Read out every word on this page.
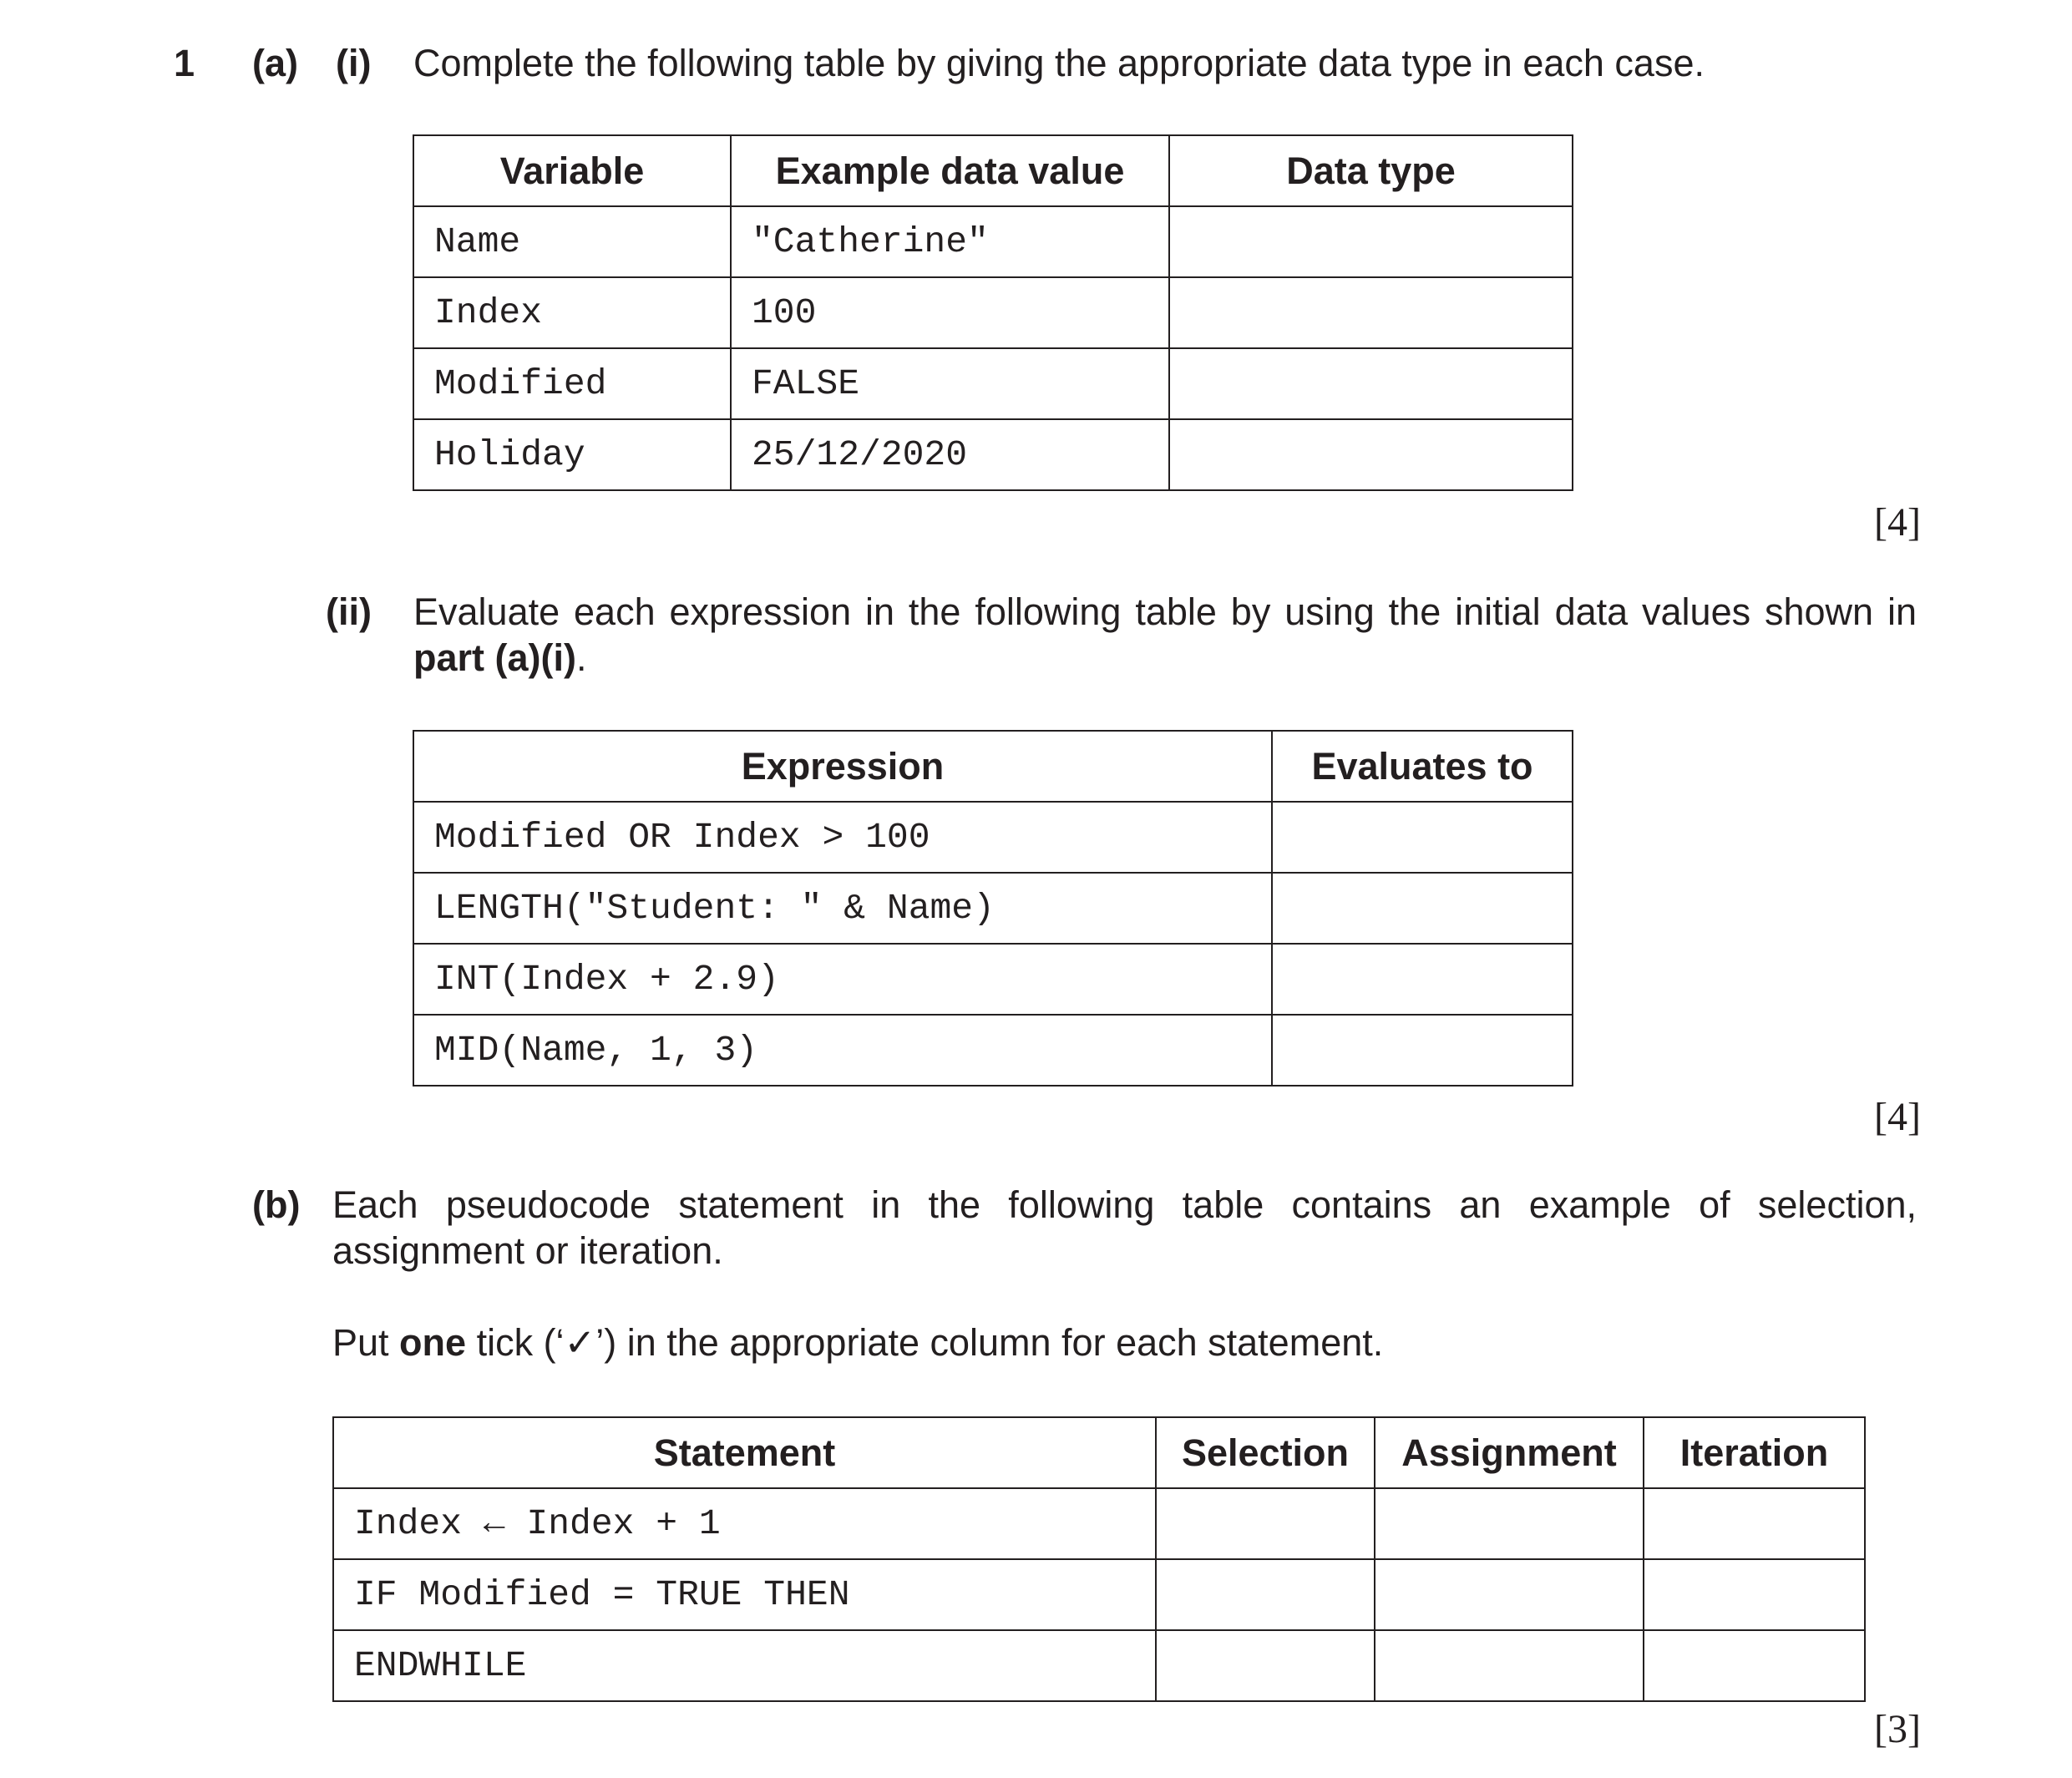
1 (a) (i) Complete the following table by giving the appropriate data type in each case.
Variable	Example data value	Data type
Name	"Catherine"	
Index	100	
Modified	FALSE	
Holiday	25/12/2020	
[4]
(ii) Evaluate each expression in the following table by using the initial data values shown in
part (a)(i).
Expression	Evaluates to
Modified OR Index > 100	
LENGTH("Student: " & Name)	
INT(Index + 2.9)	
MID(Name, 1, 3)	
[4]
(b) Each pseudocode statement in the following table contains an example of selection,
assignment or iteration.
Put one tick (‘✓’) in the appropriate column for each statement.
Statement	Selection	Assignment	Iteration
Index ← Index + 1			
IF Modified = TRUE THEN			
ENDWHILE			
[3]
